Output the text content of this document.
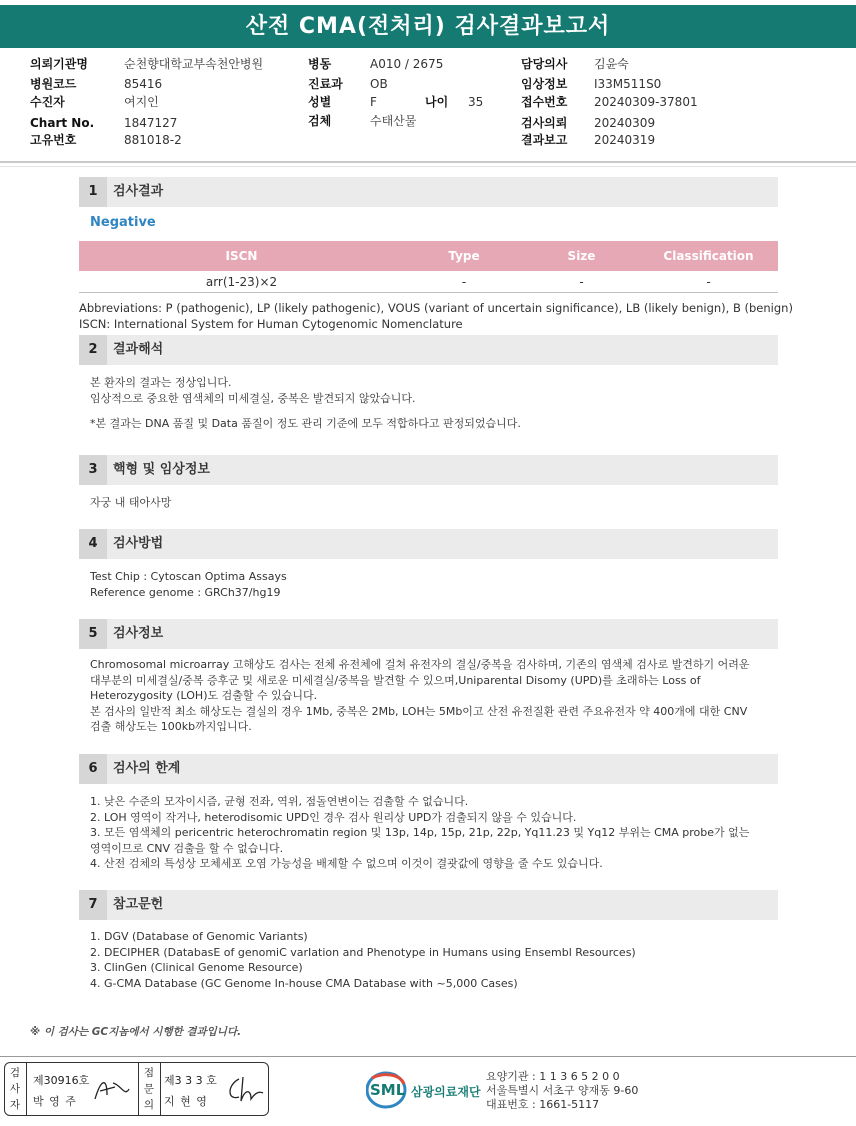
산전 CMA(전처리) 검사결과보고서
의뢰기관명	순천향대학교부속천안병원
병원코드	85416
수진자	여지인
Chart No. 1847127
고유번호	881018-2
병동	A010 / 2675
진료과 OB
성별	F	나이 35
검체	수태산물
담당의사 김윤숙
임상정보 I33M511S0
접수번호 20240309-37801
검사의뢰 20240309
결과보고 20240319
1	검사결과
Negative
ISCN	Type	Size	Classification
arr(1-23)×2	-	-	-
Abbreviations: P (pathogenic), LP (likely pathogenic), VOUS (variant of uncertain significance), LB (likely benign), B (benign)
ISCN: International System for Human Cytogenomic Nomenclature
2	결과해석
본 환자의 결과는 정상입니다.
임상적으로 중요한 염색체의 미세결실, 중복은 발견되지 않았습니다.
*본 결과는 DNA 품질 및 Data 품질이 정도 관리 기준에 모두 적합하다고 판정되었습니다.
3	핵형 및 임상정보
자궁 내 태아사망
4	검사방법
Test Chip : Cytoscan Optima Assays
Reference genome : GRCh37/hg19
5	검사정보
Chromosomal microarray 고해상도 검사는 전체 유전체에 걸쳐 유전자의 결실/중복을 검사하며, 기존의 염색체 검사로 발견하기 어려운
대부분의 미세결실/중복 증후군 및 새로운 미세결실/중복을 발견할 수 있으며,Uniparental Disomy (UPD)를 초래하는 Loss of
Heterozygosity (LOH)도 검출할 수 있습니다.
본 검사의 일반적 최소 해상도는 결실의 경우 1Mb, 중복은 2Mb, LOH는 5Mb이고 산전 유전질환 관련 주요유전자 약 400개에 대한 CNV
검출 해상도는 100kb까지입니다.
6	검사의 한계
1. 낮은 수준의 모자이시즘, 균형 전좌, 역위, 점돌연변이는 검출할 수 없습니다.
2. LOH 영역이 작거나, heterodisomic UPD인 경우 검사 원리상 UPD가 검출되지 않을 수 있습니다.
3. 모든 염색체의 pericentric heterochromatin region 및 13p, 14p, 15p, 21p, 22p, Yq11.23 및 Yq12 부위는 CMA probe가 없는
영역이므로 CNV 검출을 할 수 없습니다.
4. 산전 검체의 특성상 모체세포 오염 가능성을 배제할 수 없으며 이것이 결괏값에 영향을 줄 수도 있습니다.
7	참고문헌
1. DGV (Database of Genomic Variants)
2. DECIPHER (DatabasE of genomiC varIation and Phenotype in Humans using Ensembl Resources)
3. ClinGen (Clinical Genome Resource)
4. G-CMA Database (GC Genome In-house CMA Database with ~5,000 Cases)
※ 이 검사는 GC지놈에서 시행한 결과입니다.
검
사
자
제30916호
박 영 주
점
문
의
제3 3 3 호
지 현 영
SML 삼광의료재단
요양기관 : 1 1 3 6 5 2 0 0
서울특별시 서초구 양재동 9-60
대표번호 : 1661-5117
